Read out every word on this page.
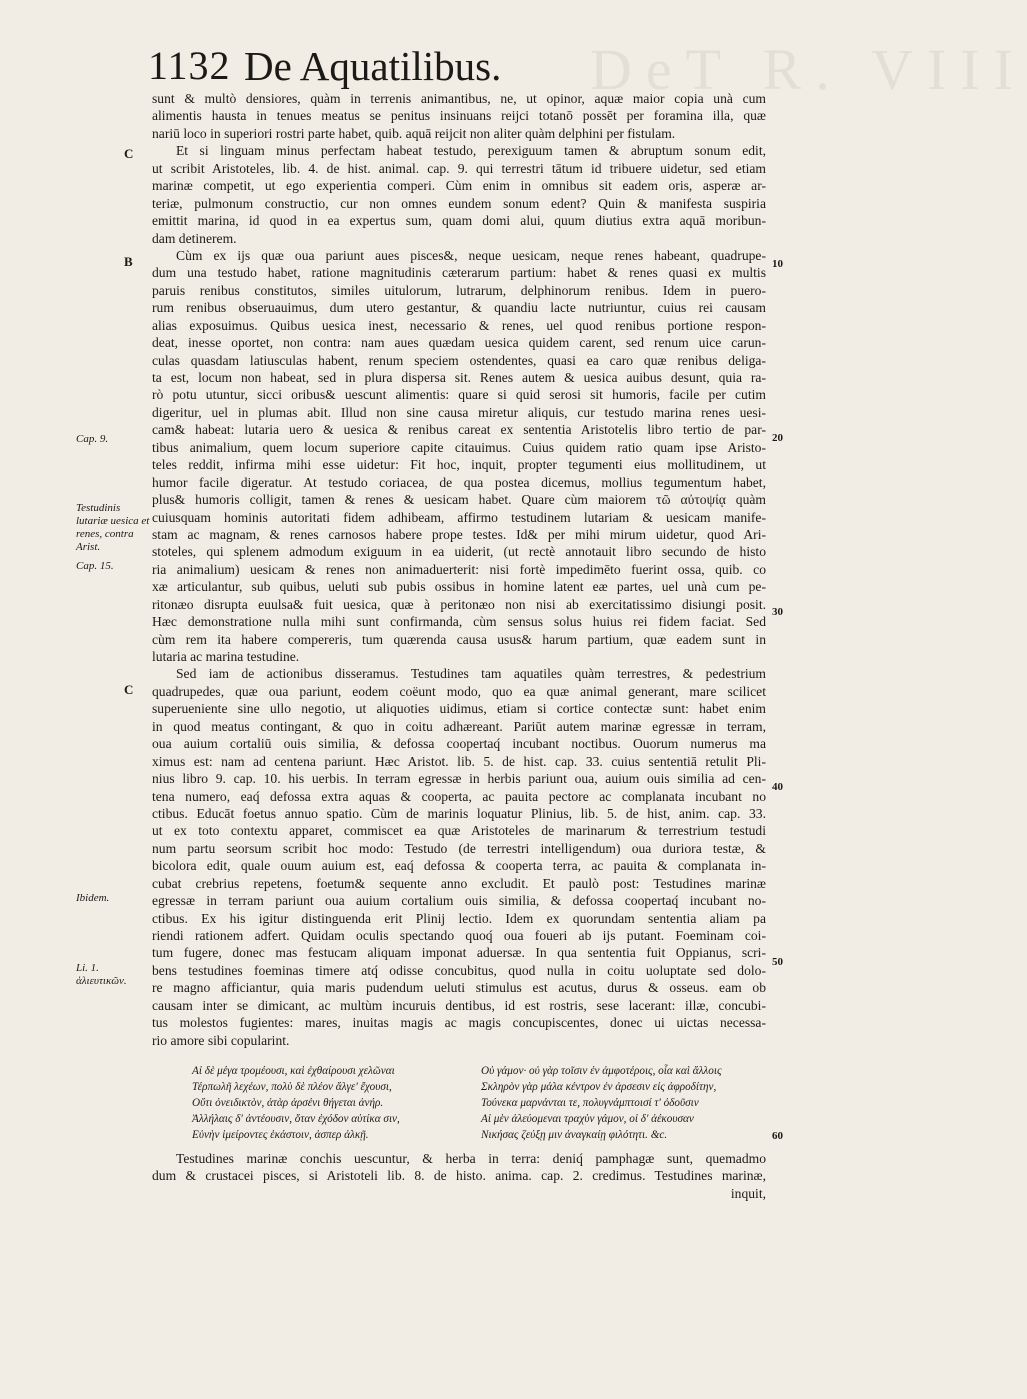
DeT R. VIII
1132 De Aquatilibus.
sunt & multò densiores, quàm in terrenis animantibus, ne, ut opinor, aquæ maior copia unà cum
alimentis hausta in tenues meatus se penitus insinuans reijci totanō possēt per foramina illa, quæ
nariū loco in superiori rostri parte habet, quib. aquā reijcit non aliter quàm delphini per fistulam.
Et si linguam minus perfectam habeat testudo, perexiguum tamen & abruptum sonum edit,
ut scribit Aristoteles, lib. 4. de hist. animal. cap. 9. qui terrestri tātum id tribuere uidetur, sed etiam
marinæ competit, ut ego experientia comperi. Cùm enim in omnibus sit eadem oris, asperæ ar-
teriæ, pulmonum constructio, cur non omnes eundem sonum edent? Quin & manifesta suspiria
emittit marina, id quod in ea expertus sum, quam domi alui, quum diutius extra aquā moribun-
dam detinerem.
Cùm ex ijs quæ oua pariunt aues pisces&, neque uesicam, neque renes habeant, quadrupe-
dum una testudo habet, ratione magnitudinis cæterarum partium: habet & renes quasi ex multis
paruis renibus constitutos, similes uitulorum, lutrarum, delphinorum renibus. Idem in puero-
rum renibus obseruauimus, dum utero gestantur, & quandiu lacte nutriuntur, cuius rei causam
alias exposuimus. Quibus uesica inest, necessario & renes, uel quod renibus portione respon-
deat, inesse oportet, non contra: nam aues quædam uesica quidem carent, sed renum uice carun-
culas quasdam latiusculas habent, renum speciem ostendentes, quasi ea caro quæ renibus deliga-
ta est, locum non habeat, sed in plura dispersa sit. Renes autem & uesica auibus desunt, quia ra-
rò potu utuntur, sicci oribus& uescunt alimentis: quare si quid serosi sit humoris, facile per cutim
digeritur, uel in plumas abit. Illud non sine causa miretur aliquis, cur testudo marina renes uesi-
cam& habeat: lutaria uero & uesica & renibus careat ex sententia Aristotelis libro tertio de par-
tibus animalium, quem locum superiore capite citauimus. Cuius quidem ratio quam ipse Aristo-
teles reddit, infirma mihi esse uidetur: Fit hoc, inquit, propter tegumenti eius mollitudinem, ut
humor facile digeratur. At testudo coriacea, de qua postea dicemus, mollius tegumentum habet,
plus& humoris colligit, tamen & renes & uesicam habet. Quare cùm maiorem τῶ αὐτοψίᾳ quàm
cuiusquam hominis autoritati fidem adhibeam, affirmo testudinem lutariam & uesicam manife-
stam ac magnam, & renes carnosos habere prope testes. Id& per mihi mirum uidetur, quod Ari-
stoteles, qui splenem admodum exiguum in ea uiderit, (ut rectè annotauit libro secundo de histo
ria animalium) uesicam & renes non animaduerterit: nisi fortè impedimēto fuerint ossa, quib. co
xæ articulantur, sub quibus, ueluti sub pubis ossibus in homine latent eæ partes, uel unà cum pe-
ritonæo disrupta euulsa& fuit uesica, quæ à peritonæo non nisi ab exercitatissimo disiungi posit.
Hæc demonstratione nulla mihi sunt confirmanda, cùm sensus solus huius rei fidem faciat. Sed
cùm rem ita habere compereris, tum quærenda causa usus& harum partium, quæ eadem sunt in
lutaria ac marina testudine.
Sed iam de actionibus disseramus. Testudines tam aquatiles quàm terrestres, & pedestrium
quadrupedes, quæ oua pariunt, eodem coëunt modo, quo ea quæ animal generant, mare scilicet
superueniente sine ullo negotio, ut aliquoties uidimus, etiam si cortice contectæ sunt: habet enim
in quod meatus contingant, & quo in coitu adhæreant. Pariūt autem marinæ egressæ in terram,
oua auium cortaliū ouis similia, & defossa coopertaq́ incubant noctibus. Ouorum numerus ma
ximus est: nam ad centena pariunt. Hæc Aristot. lib. 5. de hist. cap. 33. cuius sententiā retulit Pli-
nius libro 9. cap. 10. his uerbis. In terram egressæ in herbis pariunt oua, auium ouis similia ad cen-
tena numero, eaq́ defossa extra aquas & cooperta, ac pauita pectore ac complanata incubant no
ctibus. Educāt foetus annuo spatio. Cùm de marinis loquatur Plinius, lib. 5. de hist, anim. cap. 33.
ut ex toto contextu apparet, commiscet ea quæ Aristoteles de marinarum & terrestrium testudi
num partu seorsum scribit hoc modo: Testudo (de terrestri intelligendum) oua duriora testæ, &
bicolora edit, quale ouum auium est, eaq́ defossa & cooperta terra, ac pauita & complanata in-
cubat crebrius repetens, foetum& sequente anno excludit. Et paulò post: Testudines marinæ
egressæ in terram pariunt oua auium cortalium ouis similia, & defossa coopertaq́ incubant no-
ctibus. Ex his igitur distinguenda erit Plinij lectio. Idem ex quorundam sententia aliam pa
riendi rationem adfert. Quidam oculis spectando quoq́ oua foueri ab ijs putant. Foeminam coi-
tum fugere, donec mas festucam aliquam imponat aduersæ. In qua sententia fuit Oppianus, scri-
bens testudines foeminas timere atq́ odisse concubitus, quod nulla in coitu uoluptate sed dolo-
re magno afficiantur, quia maris pudendum ueluti stimulus est acutus, durus & osseus. eam ob
causam inter se dimicant, ac multùm incuruis dentibus, id est rostris, sese lacerant: illæ, concubi-
tus molestos fugientes: mares, inuitas magis ac magis concupiscentes, donec ui uictas necessa-
rio amore sibi copularint.
C
B
C
10
20
30
40
50
60
Cap. 9.
Testudinis lutariæ uesica et renes, contra Arist.
Cap. 15.
Ibidem.
Li. 1. ἁλιευτικῶν.
Αἱ δὲ μέγα τρομέουσι, καὶ ἐχθαίρουσι χελῶναι
Τέρπωλῆ λεχέων, πολὺ δὲ πλέον ἄλγε' ἔχουσι,
Οὔτι ὀνειδικτὸν, ἀτὰρ ἀρσένι θήγεται ἀνήρ.
Ἀλλήλαις δ' ἀντέουσιν, ὅταν ἐχόδον αὐτίκα σιν,
Εὐνὴν ἱμείροντες ἑκάστοιν, ἀσπερ ἀλκῇ.
Οὐ γάμον· οὐ γὰρ τοῖσιν ἐν ἀμφοτέροις, οἷα καὶ ἄλλοις
Σκληρὸν γὰρ μάλα κέντρον ἐν ἀρσεσιν εἰς ἀφροδίτην,
Τούνεκα μαρνάνται τε, πολυγνάμπτοισί τ' ὀδοῦσιν
Αἱ μὲν ἀλεύομεναι τραχὺν γάμον, οἱ δ' ἀέκουσαν
Νικήσας ζεύξῃ μιν ἀναγκαίῃ φιλότητι. &c.
Testudines marinæ conchis uescuntur, & herba in terra: deniq́ pamphagæ sunt, quemadmo
dum & crustacei pisces, si Aristoteli lib. 8. de histo. anima. cap. 2. credimus. Testudines marinæ,
inquit,
